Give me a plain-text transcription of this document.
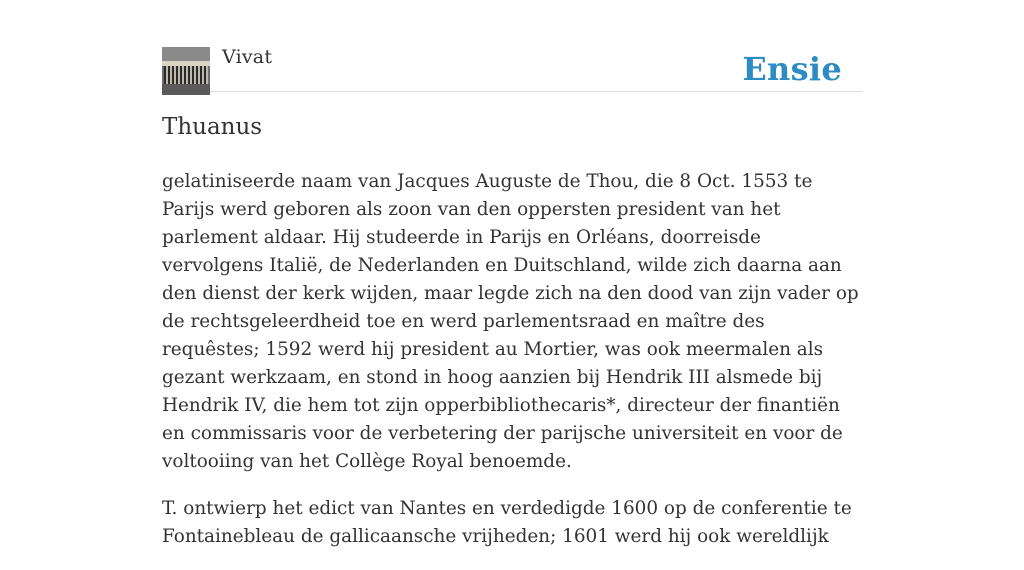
Vivat	Ensie
Thuanus

gelatiniseerde naam van Jacques Auguste de Thou, die 8 Oct. 1553 te Parijs werd geboren als zoon van den oppersten president van het parlement aldaar. Hij studeerde in Parijs en Orléans, doorreisde vervolgens Italië, de Nederlanden en Duitschland, wilde zich daarna aan den dienst der kerk wijden, maar legde zich na den dood van zijn vader op de rechtsgeleerdheid toe en werd parlementsraad en maître des requêstes; 1592 werd hij president au Mortier, was ook meermalen als gezant werkzaam, en stond in hoog aanzien bij Hendrik III alsmede bij Hendrik IV, die hem tot zijn opperbibliothecaris*, directeur der finantiën en commissaris voor de verbetering der parijsche universiteit en voor de voltooiing van het Collège Royal benoemde.

T. ontwierp het edict van Nantes en verdedigde 1600 op de conferentie te Fontainebleau de gallicaansche vrijheden; 1601 werd hij ook wereldlijk
